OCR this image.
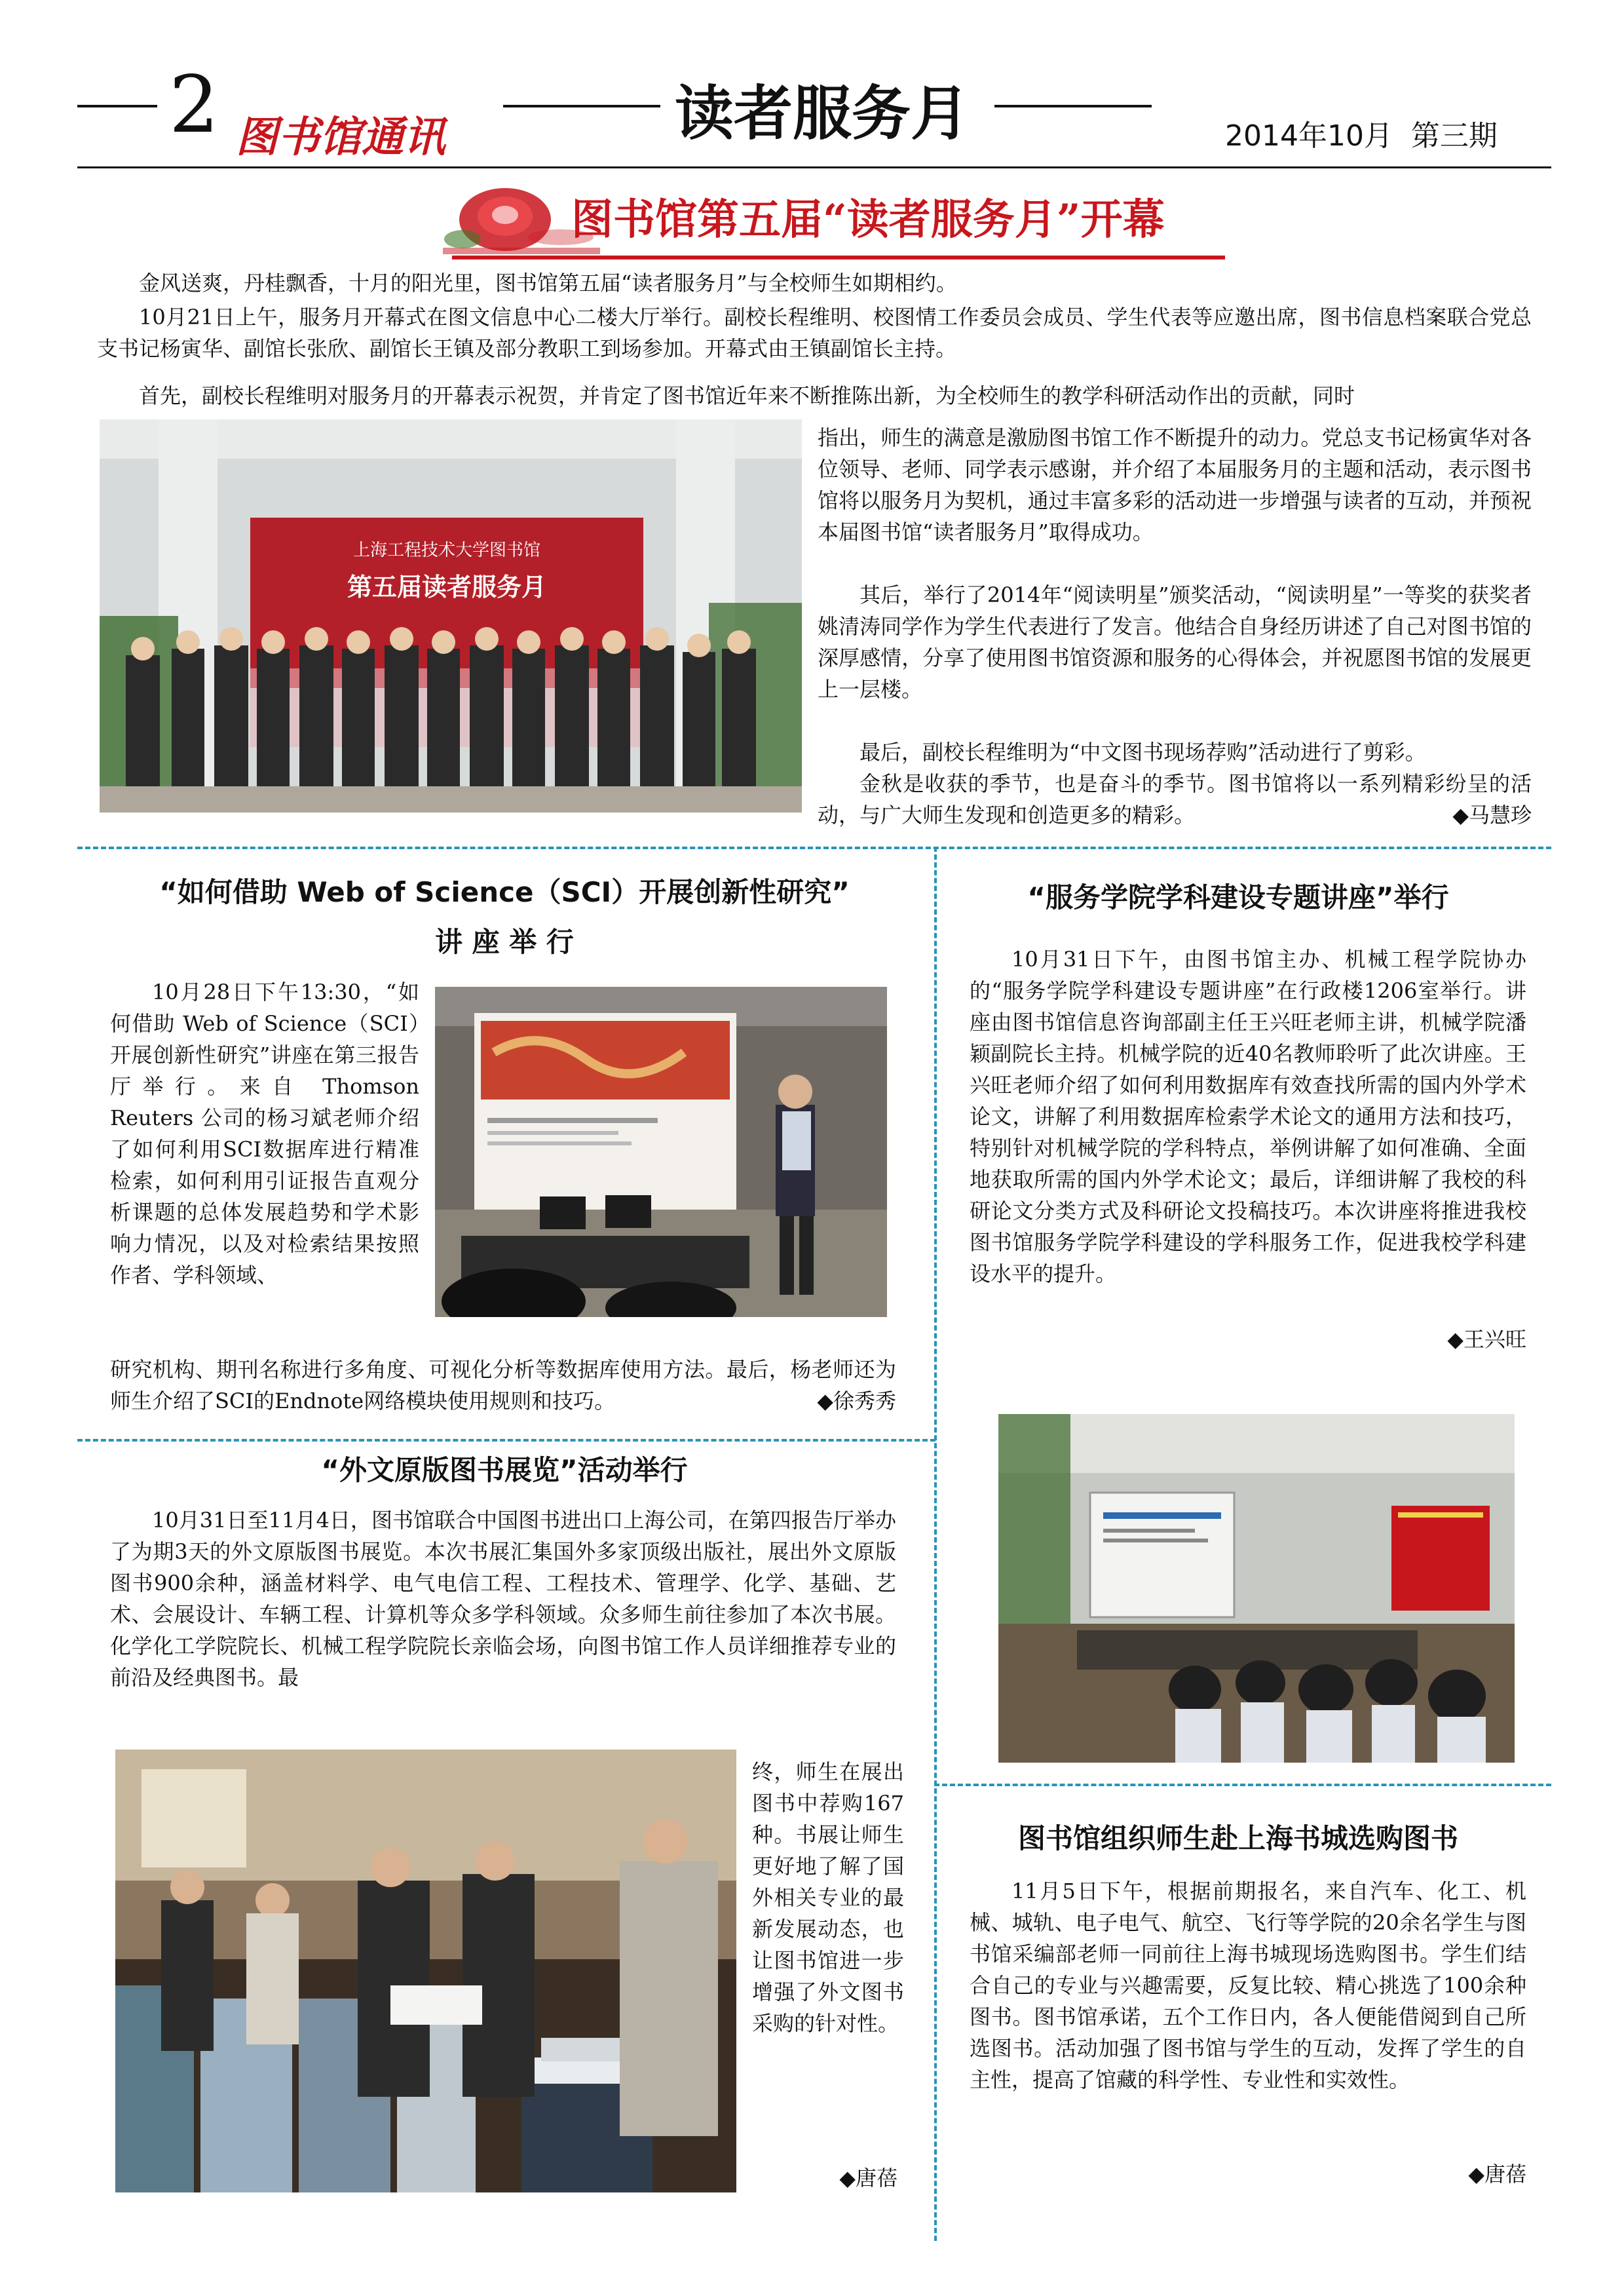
2 图书馆通讯	读者服务月	2014年10月  第三期
图书馆第五届“读者服务月”开幕
金风送爽，丹桂飘香，十月的阳光里，图书馆第五届“读者服务月”与全校师生如期相约。
10月21日上午，服务月开幕式在图文信息中心二楼大厅举行。副校长程维明、校图情工作委员会成员、学生代表等应邀出席，图书信息档案联合党总支书记杨寅华、副馆长张欣、副馆长王镇及部分教职工到场参加。开幕式由王镇副馆长主持。
首先，副校长程维明对服务月的开幕表示祝贺，并肯定了图书馆近年来不断推陈出新，为全校师生的教学科研活动作出的贡献，同时
上海工程技术大学图书馆
第五届读者服务月
指出，师生的满意是激励图书馆工作不断提升的动力。党总支书记杨寅华对各位领导、老师、同学表示感谢，并介绍了本届服务月的主题和活动，表示图书馆将以服务月为契机，通过丰富多彩的活动进一步增强与读者的互动，并预祝本届图书馆“读者服务月”取得成功。
其后，举行了2014年“阅读明星”颁奖活动，“阅读明星”一等奖的获奖者姚清涛同学作为学生代表进行了发言。他结合自身经历讲述了自己对图书馆的深厚感情，分享了使用图书馆资源和服务的心得体会，并祝愿图书馆的发展更上一层楼。
最后，副校长程维明为“中文图书现场荐购”活动进行了剪彩。
金秋是收获的季节，也是奋斗的季节。图书馆将以一系列精彩纷呈的活动，与广大师生发现和创造更多的精彩。	◆马慧珍
“如何借助 Web of Science（SCI）开展创新性研究”
讲 座 举 行
10月28日下午13:30，“如何借助 Web of Science（SCI）开展创新性研究”讲座在第三报告厅举行。来自 Thomson Reuters 公司的杨习斌老师介绍了如何利用SCI数据库进行精准检索，如何利用引证报告直观分析课题的总体发展趋势和学术影响力情况，以及对检索结果按照作者、学科领域、
研究机构、期刊名称进行多角度、可视化分析等数据库使用方法。最后，杨老师还为师生介绍了SCI的Endnote网络模块使用规则和技巧。	◆徐秀秀
“服务学院学科建设专题讲座”举行
10月31日下午，由图书馆主办、机械工程学院协办的“服务学院学科建设专题讲座”在行政楼1206室举行。讲座由图书馆信息咨询部副主任王兴旺老师主讲，机械学院潘颖副院长主持。机械学院的近40名教师聆听了此次讲座。王兴旺老师介绍了如何利用数据库有效查找所需的国内外学术论文，讲解了利用数据库检索学术论文的通用方法和技巧，特别针对机械学院的学科特点，举例讲解了如何准确、全面地获取所需的国内外学术论文；最后，详细讲解了我校的科研论文分类方式及科研论文投稿技巧。本次讲座将推进我校图书馆服务学院学科建设的学科服务工作，促进我校学科建设水平的提升。
◆王兴旺
“外文原版图书展览”活动举行
10月31日至11月4日，图书馆联合中国图书进出口上海公司，在第四报告厅举办了为期3天的外文原版图书展览。本次书展汇集国外多家顶级出版社，展出外文原版图书900余种，涵盖材料学、电气电信工程、工程技术、管理学、化学、基础、艺术、会展设计、车辆工程、计算机等众多学科领域。众多师生前往参加了本次书展。化学化工学院院长、机械工程学院院长亲临会场，向图书馆工作人员详细推荐专业的前沿及经典图书。最
终，师生在展出图书中荐购167种。书展让师生更好地了解了国外相关专业的最新发展动态，也让图书馆进一步增强了外文图书采购的针对性。
◆唐蓓
图书馆组织师生赴上海书城选购图书
11月5日下午，根据前期报名，来自汽车、化工、机械、城轨、电子电气、航空、飞行等学院的20余名学生与图书馆采编部老师一同前往上海书城现场选购图书。学生们结合自己的专业与兴趣需要，反复比较、精心挑选了100余种图书。图书馆承诺，五个工作日内，各人便能借阅到自己所选图书。活动加强了图书馆与学生的互动，发挥了学生的自主性，提高了馆藏的科学性、专业性和实效性。
◆唐蓓
